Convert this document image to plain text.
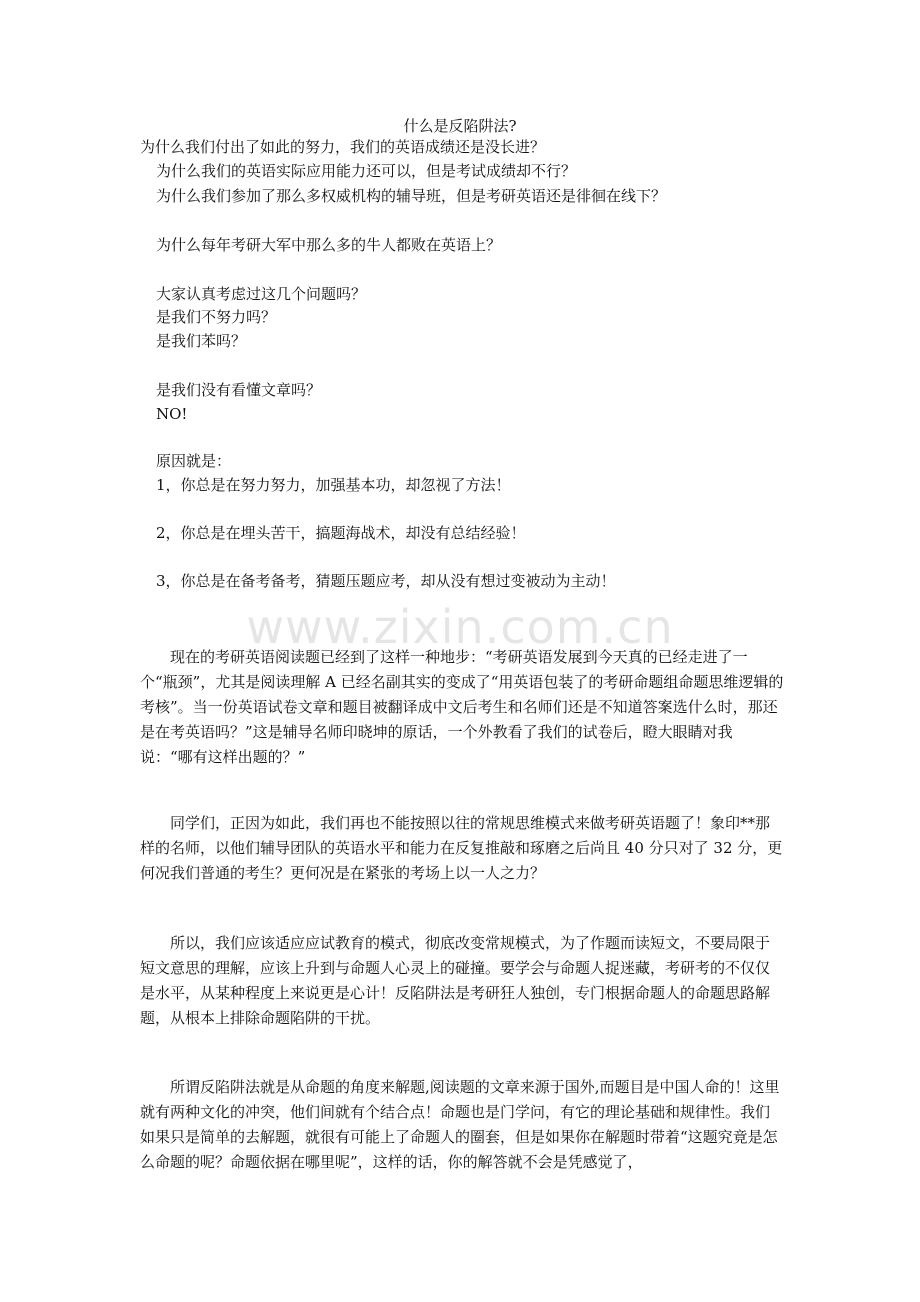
什么是反陷阱法?
为什么我们付出了如此的努力，我们的英语成绩还是没长进？
为什么我们的英语实际应用能力还可以，但是考试成绩却不行？
为什么我们参加了那么多权威机构的辅导班，但是考研英语还是徘徊在线下？
为什么每年考研大军中那么多的牛人都败在英语上？
大家认真考虑过这几个问题吗？
是我们不努力吗？
是我们苯吗？
是我们没有看懂文章吗？
NO!
原因就是：
1，你总是在努力努力，加强基本功，却忽视了方法！
2，你总是在埋头苦干，搞题海战术，却没有总结经验！
3，你总是在备考备考，猜题压题应考，却从没有想过变被动为主动！
www.zixin.com.cn
现在的考研英语阅读题已经到了这样一种地步：“考研英语发展到今天真的已经走进了一个“瓶颈”，尤其是阅读理解 A 已经名副其实的变成了“用英语包装了的考研命题组命题思维逻辑的考核”。当一份英语试卷文章和题目被翻译成中文后考生和名师们还是不知道答案选什么时，那还是在考英语吗？”这是辅导名师印晓坤的原话，一个外教看了我们的试卷后，瞪大眼睛对我说：“哪有这样出题的？”
同学们，正因为如此，我们再也不能按照以往的常规思维模式来做考研英语题了！象印**那样的名师，以他们辅导团队的英语水平和能力在反复推敲和琢磨之后尚且 40 分只对了 32 分，更何况我们普通的考生？更何况是在紧张的考场上以一人之力？
所以，我们应该适应应试教育的模式，彻底改变常规模式，为了作题而读短文，不要局限于短文意思的理解，应该上升到与命题人心灵上的碰撞。要学会与命题人捉迷藏，考研考的不仅仅是水平，从某种程度上来说更是心计！反陷阱法是考研狂人独创，专门根据命题人的命题思路解题，从根本上排除命题陷阱的干扰。
所谓反陷阱法就是从命题的角度来解题,阅读题的文章来源于国外,而题目是中国人命的！这里就有两种文化的冲突，他们间就有个结合点！命题也是门学问，有它的理论基础和规律性。我们如果只是简单的去解题，就很有可能上了命题人的圈套，但是如果你在解题时带着“这题究竟是怎么命题的呢？命题依据在哪里呢”，这样的话，你的解答就不会是凭感觉了，
